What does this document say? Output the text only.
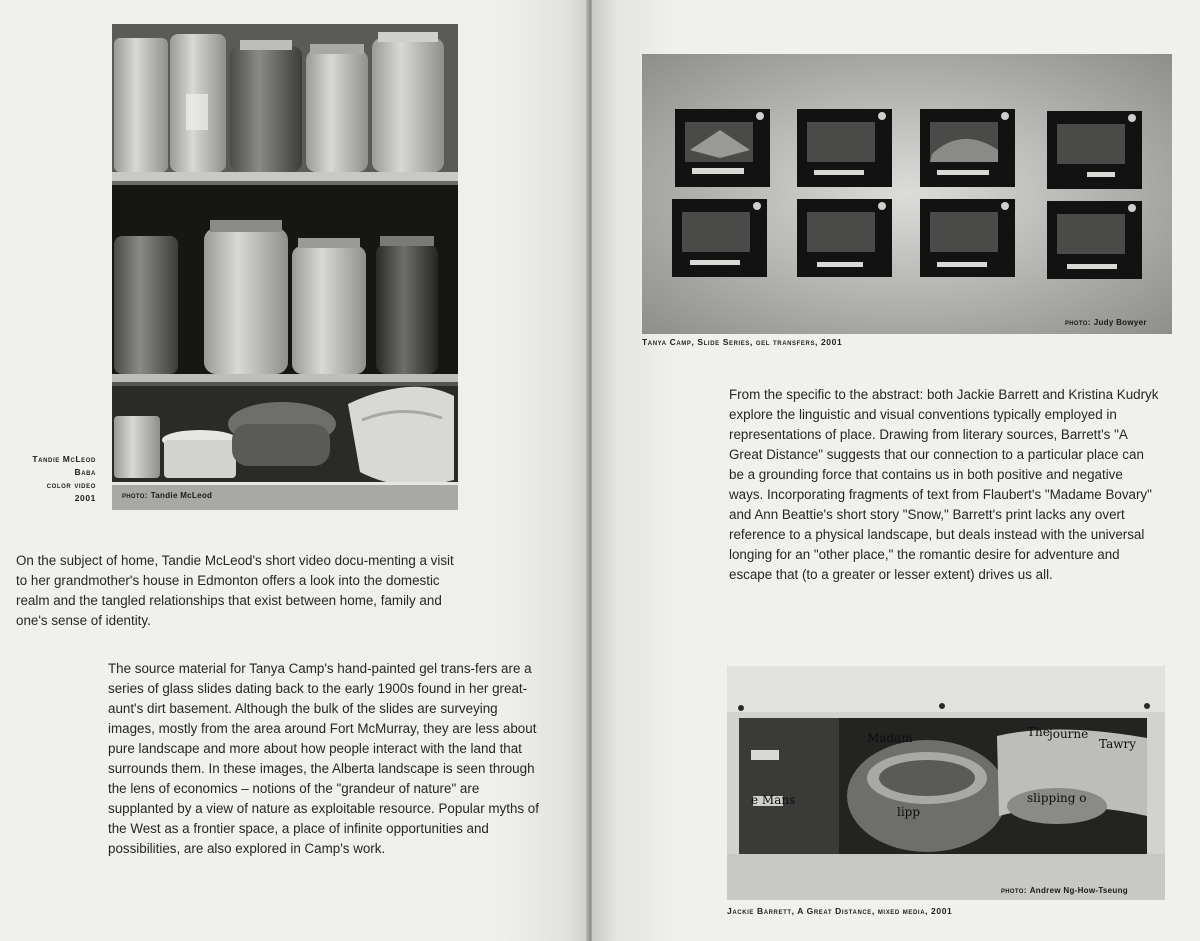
photo: Tandie McLeod
Tandie McLeod
Baba
color video
2001

On the subject of home, Tandie McLeod's short video docu-menting a visit to her grandmother's house in Edmonton offers a look into the domestic realm and the tangled relationships that exist between home, family and one's sense of identity.

The source material for Tanya Camp's hand-painted gel trans-fers are a series of glass slides dating back to the early 1900s found in her great-aunt's dirt basement. Although the bulk of the slides are surveying images, mostly from the area around Fort McMurray, they are less about pure landscape and more about how people interact with the land that surrounds them. In these images, the Alberta landscape is seen through the lens of economics – notions of the "grandeur of nature" are supplanted by a view of nature as exploitable resource. Popular myths of the West as a frontier space, a place of infinite opportunities and possibilities, are also explored in Camp's work.

photo: Judy Bowyer
Tanya Camp, Slide Series, gel transfers, 2001

From the specific to the abstract: both Jackie Barrett and Kristina Kudryk explore the linguistic and visual conventions typically employed in representations of place. Drawing from literary sources, Barrett's "A Great Distance" suggests that our connection to a particular place can be a grounding force that contains us in both positive and negative ways. Incorporating fragments of text from Flaubert's "Madame Bovary" and Ann Beattie's short story "Snow," Barrett's print lacks any overt reference to a physical landscape, but deals instead with the universal longing for an "other place," the romantic desire for adventure and escape that (to a greater or lesser extent) drives us all.

The journe
Tawry
slipping o
lipp
Madam
e Mans
photo: Andrew Ng-How-Tseung
Jackie Barrett, A Great Distance, mixed media, 2001
